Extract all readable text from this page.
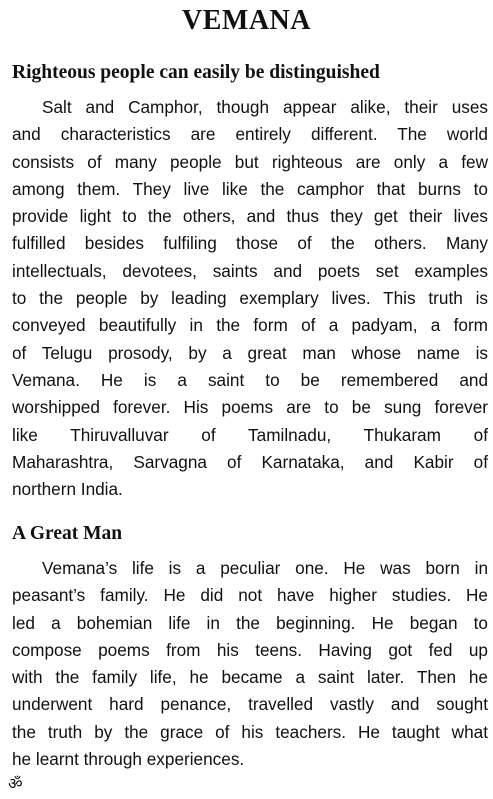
VEMANA
Righteous people can easily be distinguished
Salt and Camphor, though appear alike, their uses
and characteristics are entirely different. The world
consists of many people but righteous are only a few
among them. They live like the camphor that burns to
provide light to the others, and thus they get their lives
fulfilled besides fulfiling those of the others. Many
intellectuals, devotees, saints and poets set examples
to the people by leading exemplary lives. This truth is
conveyed beautifully in the form of a padyam, a form
of Telugu prosody, by a great man whose name is
Vemana. He is a saint to be remembered and
worshipped forever. His poems are to be sung forever
like Thiruvalluvar of Tamilnadu, Thukaram of
Maharashtra, Sarvagna of Karnataka, and Kabir of
northern India.
A Great Man
Vemana’s life is a peculiar one. He was born in
peasant’s family. He did not have higher studies. He
led a bohemian life in the beginning. He began to
compose poems from his teens. Having got fed up
with the family life, he became a saint later. Then he
underwent hard penance, travelled vastly and sought
the truth by the grace of his teachers. He taught what
he learnt through experiences.
ॐ
